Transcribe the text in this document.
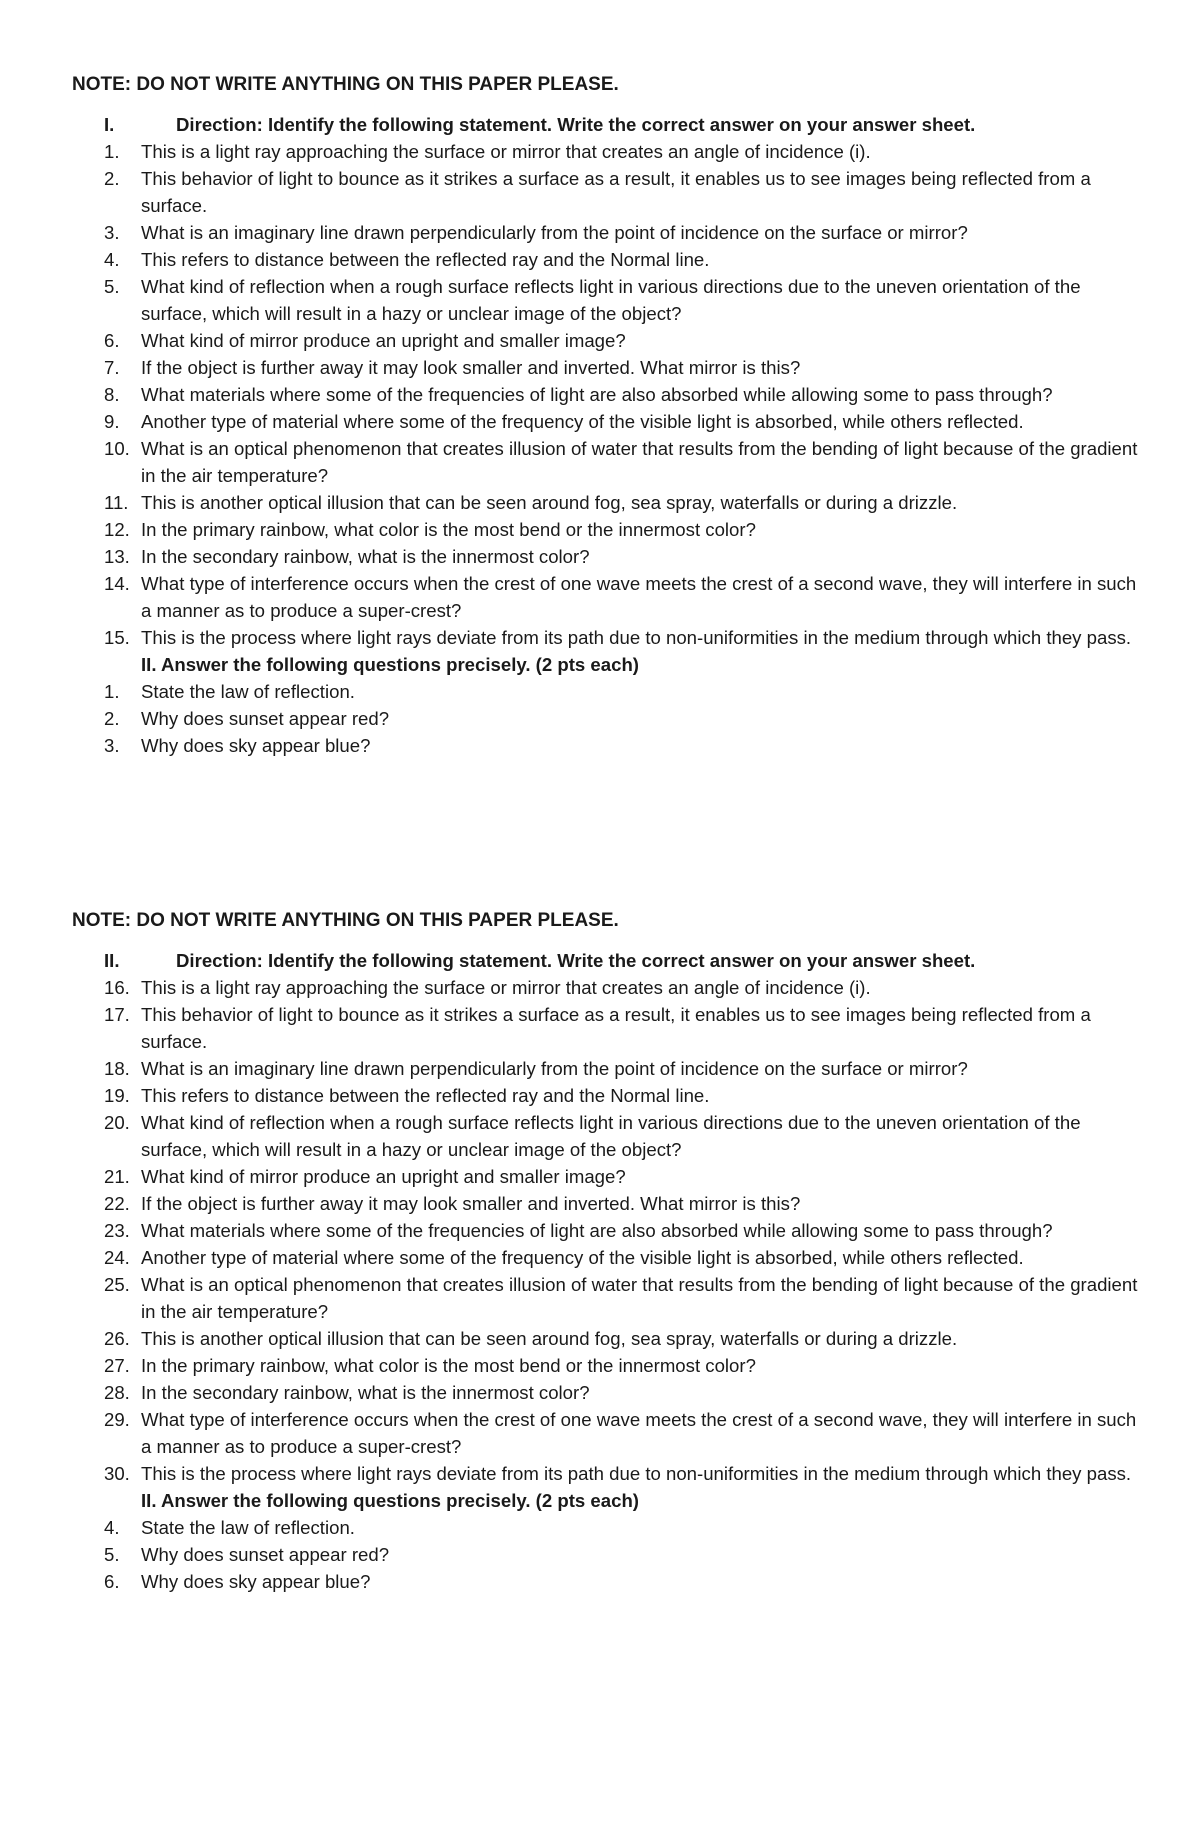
NOTE: DO NOT WRITE ANYTHING ON THIS PAPER PLEASE.
I.	Direction: Identify the following statement. Write the correct answer on your answer sheet.
1.	This is a light ray approaching the surface or mirror that creates an angle of incidence (i).
2.	This behavior of light to bounce as it strikes a surface as a result, it enables us to see images being reflected from a surface.
3.	What is an imaginary line drawn perpendicularly from the point of incidence on the surface or mirror?
4.	This refers to distance between the reflected ray and the Normal line.
5.	What kind of reflection when a rough surface reflects light in various directions due to the uneven orientation of the surface, which will result in a hazy or unclear image of the object?
6.	What kind of mirror produce an upright and smaller image?
7.	If the object is further away it may look smaller and inverted. What mirror is this?
8.	What materials where some of the frequencies of light are also absorbed while allowing some to pass through?
9.	Another type of material where some of the frequency of the visible light is absorbed, while others reflected.
10. What is an optical phenomenon that creates illusion of water that results from the bending of light because of the gradient in the air temperature?
11. This is another optical illusion that can be seen around fog, sea spray, waterfalls or during a drizzle.
12. In the primary rainbow, what color is the most bend or the innermost color?
13. In the secondary rainbow, what is the innermost color?
14. What type of interference occurs when the crest of one wave meets the crest of a second wave, they will interfere in such a manner as to produce a super-crest?
15. This is the process where light rays deviate from its path due to non-uniformities in the medium through which they pass.
II. Answer the following questions precisely. (2 pts each)
1.	State the law of reflection.
2.	Why does sunset appear red?
3.	Why does sky appear blue?
NOTE: DO NOT WRITE ANYTHING ON THIS PAPER PLEASE.
II.	Direction: Identify the following statement. Write the correct answer on your answer sheet.
16. This is a light ray approaching the surface or mirror that creates an angle of incidence (i).
17. This behavior of light to bounce as it strikes a surface as a result, it enables us to see images being reflected from a surface.
18. What is an imaginary line drawn perpendicularly from the point of incidence on the surface or mirror?
19. This refers to distance between the reflected ray and the Normal line.
20. What kind of reflection when a rough surface reflects light in various directions due to the uneven orientation of the surface, which will result in a hazy or unclear image of the object?
21. What kind of mirror produce an upright and smaller image?
22. If the object is further away it may look smaller and inverted. What mirror is this?
23. What materials where some of the frequencies of light are also absorbed while allowing some to pass through?
24. Another type of material where some of the frequency of the visible light is absorbed, while others reflected.
25. What is an optical phenomenon that creates illusion of water that results from the bending of light because of the gradient in the air temperature?
26. This is another optical illusion that can be seen around fog, sea spray, waterfalls or during a drizzle.
27. In the primary rainbow, what color is the most bend or the innermost color?
28. In the secondary rainbow, what is the innermost color?
29. What type of interference occurs when the crest of one wave meets the crest of a second wave, they will interfere in such a manner as to produce a super-crest?
30. This is the process where light rays deviate from its path due to non-uniformities in the medium through which they pass.
II. Answer the following questions precisely. (2 pts each)
4.	State the law of reflection.
5.	Why does sunset appear red?
6.	Why does sky appear blue?
